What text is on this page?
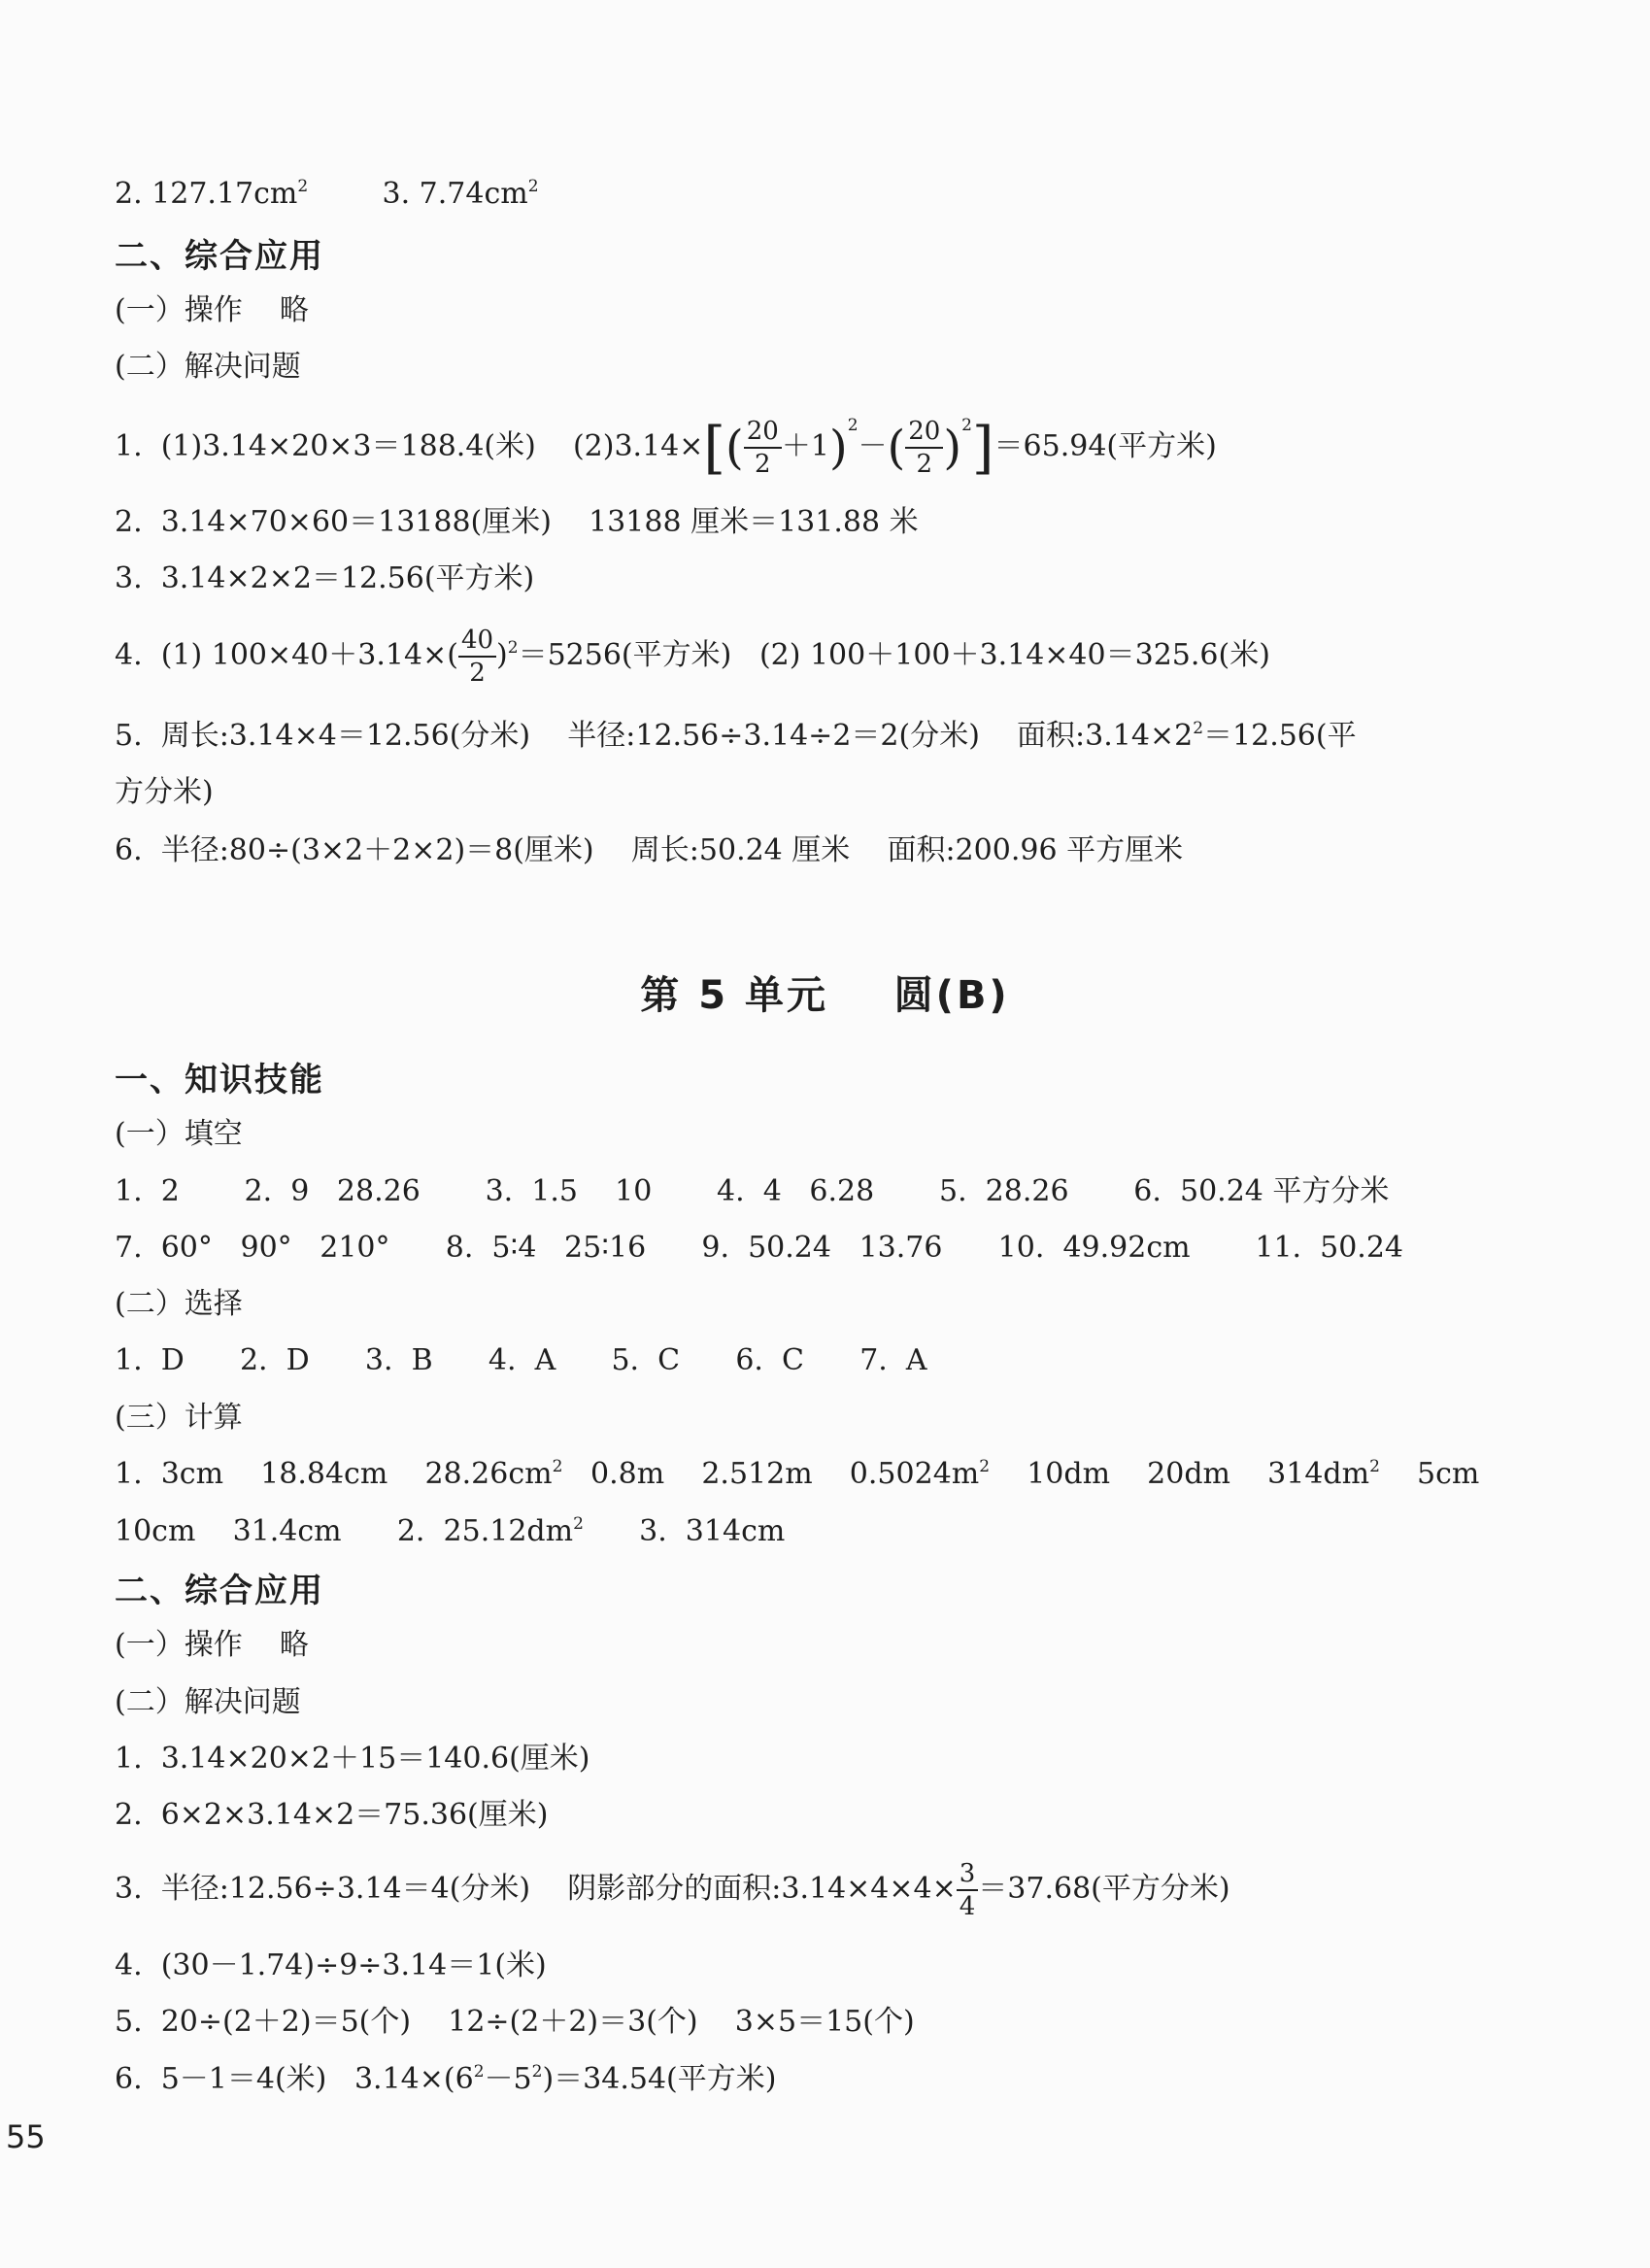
2. $127.17cm^2$	3. $7.74cm^2$
二、综合应用
(一）操作    略
(二）解决问题
1.  (1)3.14×20×3＝188.4(米)    $(2)3.14\times[( \frac{20}{2} +1)^2-( \frac{20}{2} )^2]=65.94$(平方米)
2.  3.14×70×60＝13188(厘米)    13188 厘米＝131.88 米
3.  3.14×2×2＝12.56(平方米)
4.  (1) $100\times 40+3.14\times( \frac{40}{2} )^2=5256$(平方米)   (2) 100＋100＋3.14×40＝325.6(米)
5.  周长:3.14×4＝12.56(分米)    半径:12.56÷3.14÷2＝2(分米)    面积$:3.14\times 2^2=12.56$(平
方分米)
6.  半径:80÷(3×2＋2×2)＝8(厘米)    周长:50.24 厘米    面积:200.96 平方厘米
第 5 单元    圆(B)
一、知识技能
(一）填空
1.  2       2.  9   28.26       3.  1.5    10       4.  4   6.28       5.  28.26       6.  50.24 平方分米
7.  60°   90°   210°      8.  5∶4   25∶16      9.  50.24   13.76      10.  49.92cm       11.  50.24
(二）选择
1.  D      2.  D      3.  B      4.  A      5.  C      6.  C      7.  A
(三）计算
1.  3cm    18.84cm    $28.26cm^2$   0.8m    2.512m    $0.5024m^2$    10dm    20dm    $314dm^2$    5cm
10cm    31.4cm      2.  $25.12dm^2$      3.  314cm
二、综合应用
(一）操作    略
(二）解决问题
1.  3.14×20×2＋15＝140.6(厘米)
2.  6×2×3.14×2＝75.36(厘米)
3.  半径:12.56÷3.14＝4(分米)    阴影部分的面积:3.14×4×4× $\frac{3}{4} =37.68$(平方分米)
4.  (30－1.74)÷9÷3.14＝1(米)
5.  20÷(2＋2)＝5(个)    12÷(2＋2)＝3(个)    3×5＝15(个)
6.  5－1＝4(米)   $3.14\times(6^2-5^2)=34.54$(平方米)
55
